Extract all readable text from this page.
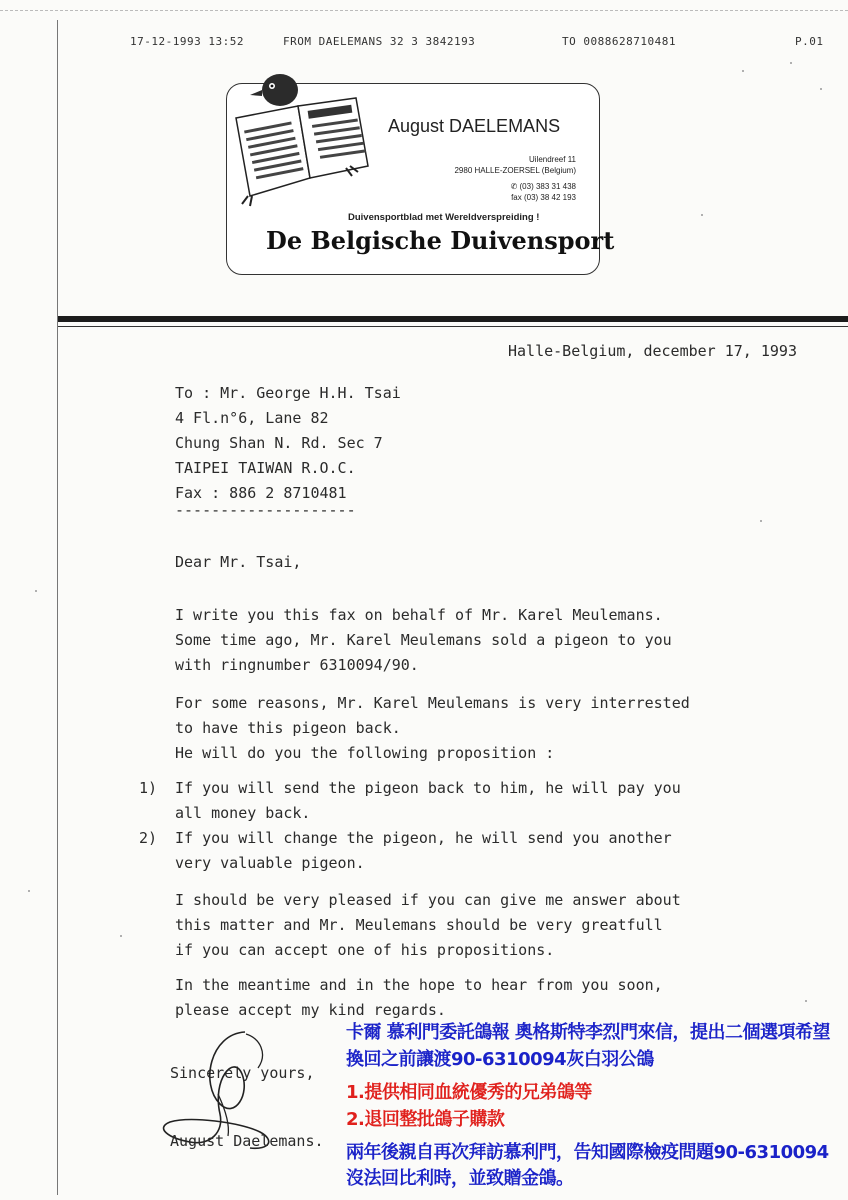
17-12-1993 13:52	FROM DAELEMANS 32 3 3842193	TO 0088628710481	P.01
August DAELEMANS
Uilendreef 11
2980 HALLE-ZOERSEL (Belgium)
✆ (03) 383 31 438
fax (03) 38 42 193
Duivensportblad met Wereldverspreiding !
De Belgische Duivensport
Halle-Belgium, december 17, 1993
To : Mr. George H.H. Tsai
4 Fl.n°6, Lane 82
Chung Shan N. Rd. Sec 7
TAIPEI TAIWAN R.O.C.
Fax : 886 2 8710481
--------------------
Dear Mr. Tsai,
I write you this fax on behalf of Mr. Karel Meulemans.
Some time ago, Mr. Karel Meulemans sold a pigeon to you
with ringnumber 6310094/90.
For some reasons, Mr. Karel Meulemans is very interrested
to have this pigeon back.
He will do you the following proposition :
1) If you will send the pigeon back to him, he will pay you
all money back.
2) If you will change the pigeon, he will send you another
very valuable pigeon.
I should be very pleased if you can give me answer about
this matter and Mr. Meulemans should be very greatfull
if you can accept one of his propositions.
In the meantime and in the hope to hear from you soon,
please accept my kind regards.
Sincerely yours,
August Daelemans.
卡爾 慕利門委託鴿報 奧格斯特李烈門來信，提出二個選項希望
換回之前讓渡90-6310094灰白羽公鴿
1.提供相同血統優秀的兄弟鴿等
2.退回整批鴿子購款
兩年後親自再次拜訪慕利門，告知國際檢疫問題90-6310094
沒法回比利時，並致贈金鴿。
